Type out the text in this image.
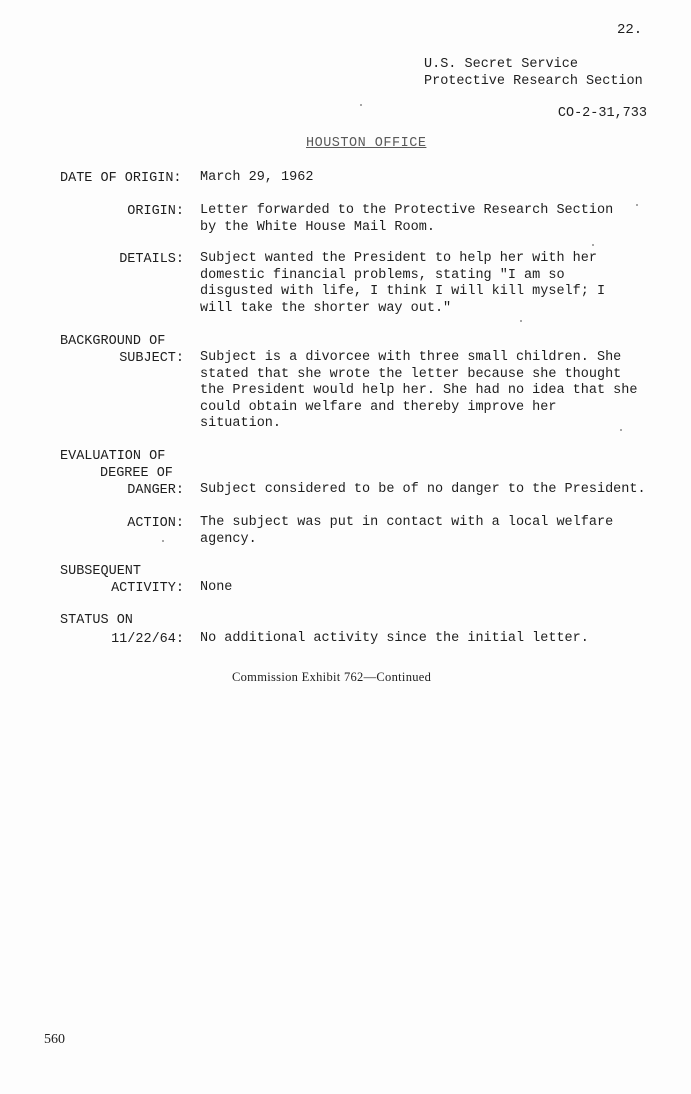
22.
U.S. Secret Service
Protective Research Section
CO-2-31,733
HOUSTON OFFICE
DATE OF ORIGIN: March 29, 1962
ORIGIN: Letter forwarded to the Protective Research Section by the White House Mail Room.
DETAILS: Subject wanted the President to help her with her domestic financial problems, stating "I am so disgusted with life, I think I will kill myself; I will take the shorter way out."
BACKGROUND OF
SUBJECT: Subject is a divorcee with three small children. She stated that she wrote the letter because she thought the President would help her. She had no idea that she could obtain welfare and thereby improve her situation.
EVALUATION OF
DEGREE OF
DANGER: Subject considered to be of no danger to the President.
ACTION: The subject was put in contact with a local welfare agency.
SUBSEQUENT
ACTIVITY: None
STATUS ON
11/22/64: No additional activity since the initial letter.
Commission Exhibit 762—Continued
560
